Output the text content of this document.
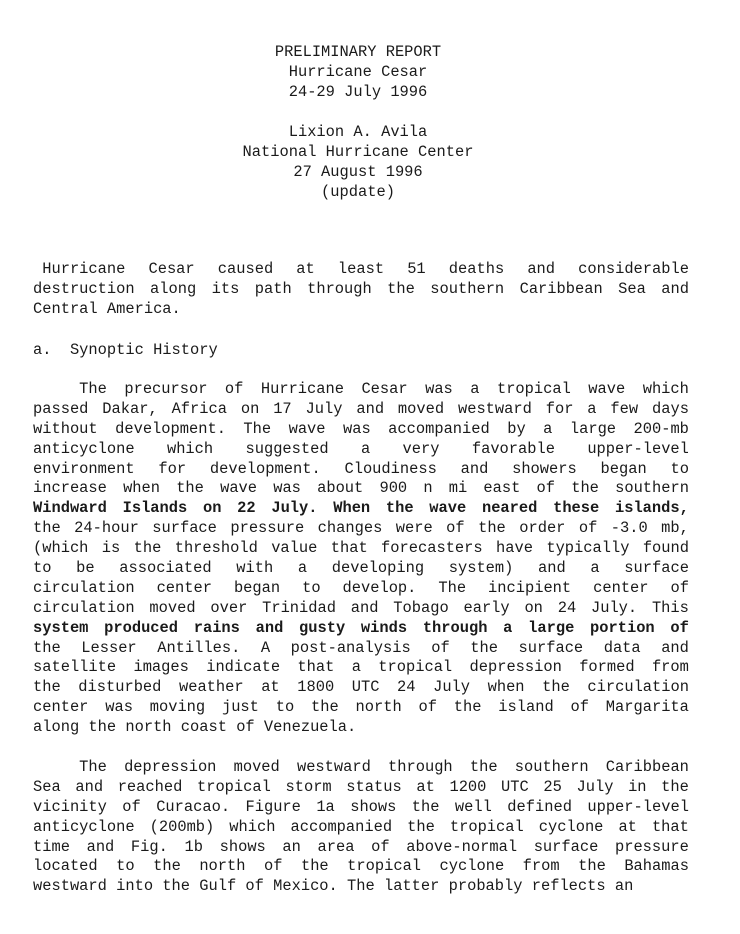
PRELIMINARY REPORT
Hurricane Cesar
24-29 July 1996
Lixion A. Avila
National Hurricane Center
27 August 1996
(update)
Hurricane Cesar caused at least 51 deaths and considerable
destruction along its path through the southern Caribbean Sea and
Central America.
a.  Synoptic History
The precursor of Hurricane Cesar was a tropical wave which
passed Dakar, Africa on 17 July and moved westward for a few days
without development. The wave was accompanied by a large 200-mb
anticyclone which suggested a very favorable upper-level
environment for development. Cloudiness and showers began to
increase when the wave was about 900 n mi east of the southern
Windward Islands on 22 July. When the wave neared these islands,
the 24-hour surface pressure changes were of the order of -3.0 mb,
(which is the threshold value that forecasters have typically found
to be associated with a developing system) and a surface
circulation center began to develop. The incipient center of
circulation moved over Trinidad and Tobago early on 24 July. This
system produced rains and gusty winds through a large portion of
the Lesser Antilles. A post-analysis of the surface data and
satellite images indicate that a tropical depression formed from
the disturbed weather at 1800 UTC 24 July when the circulation
center was moving just to the north of the island of Margarita
along the north coast of Venezuela.
The depression moved westward through the southern Caribbean
Sea and reached tropical storm status at 1200 UTC 25 July in the
vicinity of Curacao. Figure 1a shows the well defined upper-level
anticyclone (200mb) which accompanied the tropical cyclone at that
time and Fig. 1b shows an area of above-normal surface pressure
located to the north of the tropical cyclone from the Bahamas
westward into the Gulf of Mexico. The latter probably reflects an
